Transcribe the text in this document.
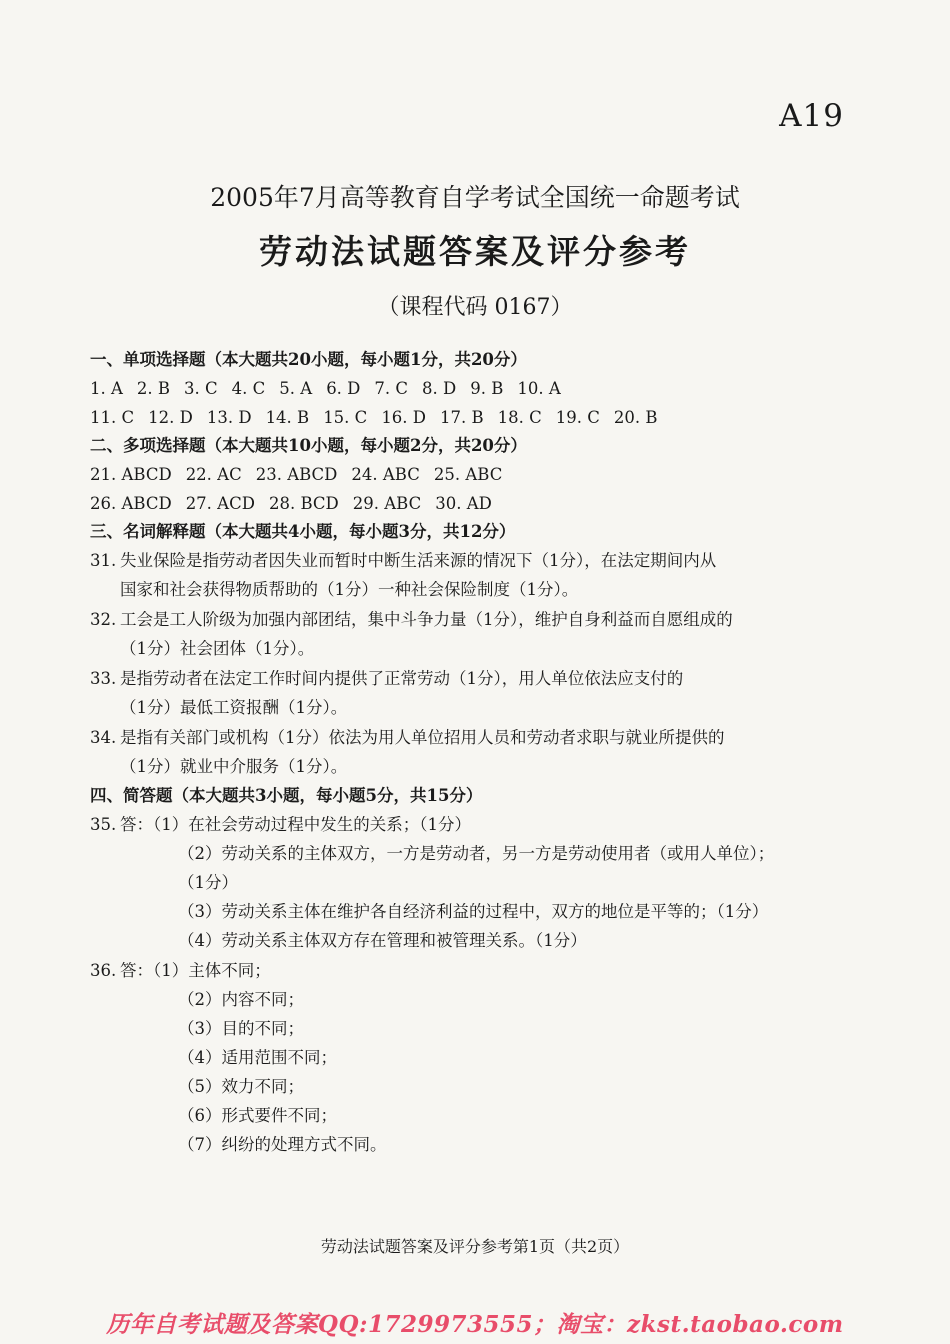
A19
2005年7月高等教育自学考试全国统一命题考试
劳动法试题答案及评分参考
（课程代码 0167）
一、单项选择题（本大题共20小题，每小题1分，共20分）
1. A 2. B 3. C 4. C 5. A 6. D 7. C 8. D 9. B 10. A
11. C 12. D 13. D 14. B 15. C 16. D 17. B 18. C 19. C 20. B
二、多项选择题（本大题共10小题，每小题2分，共20分）
21. ABCD 22. AC 23. ABCD 24. ABC 25. ABC
26. ABCD 27. ACD 28. BCD 29. ABC 30. AD
三、名词解释题（本大题共4小题，每小题3分，共12分）
31. 失业保险是指劳动者因失业而暂时中断生活来源的情况下（1分），在法定期间内从
国家和社会获得物质帮助的（1分）一种社会保险制度（1分）。
32. 工会是工人阶级为加强内部团结，集中斗争力量（1分），维护自身利益而自愿组成的
（1分）社会团体（1分）。
33. 是指劳动者在法定工作时间内提供了正常劳动（1分），用人单位依法应支付的
（1分）最低工资报酬（1分）。
34. 是指有关部门或机构（1分）依法为用人单位招用人员和劳动者求职与就业所提供的
（1分）就业中介服务（1分）。
四、简答题（本大题共3小题，每小题5分，共15分）
35. 答：（1）在社会劳动过程中发生的关系；（1分）
（2）劳动关系的主体双方，一方是劳动者，另一方是劳动使用者（或用人单位）；
（1分）
（3）劳动关系主体在维护各自经济利益的过程中，双方的地位是平等的；（1分）
（4）劳动关系主体双方存在管理和被管理关系。（1分）
36. 答：（1）主体不同；
（2）内容不同；
（3）目的不同；
（4）适用范围不同；
（5）效力不同；
（6）形式要件不同；
（7）纠纷的处理方式不同。
劳动法试题答案及评分参考第1页（共2页）
历年自考试题及答案QQ:1729973555；淘宝：zkst.taobao.com
